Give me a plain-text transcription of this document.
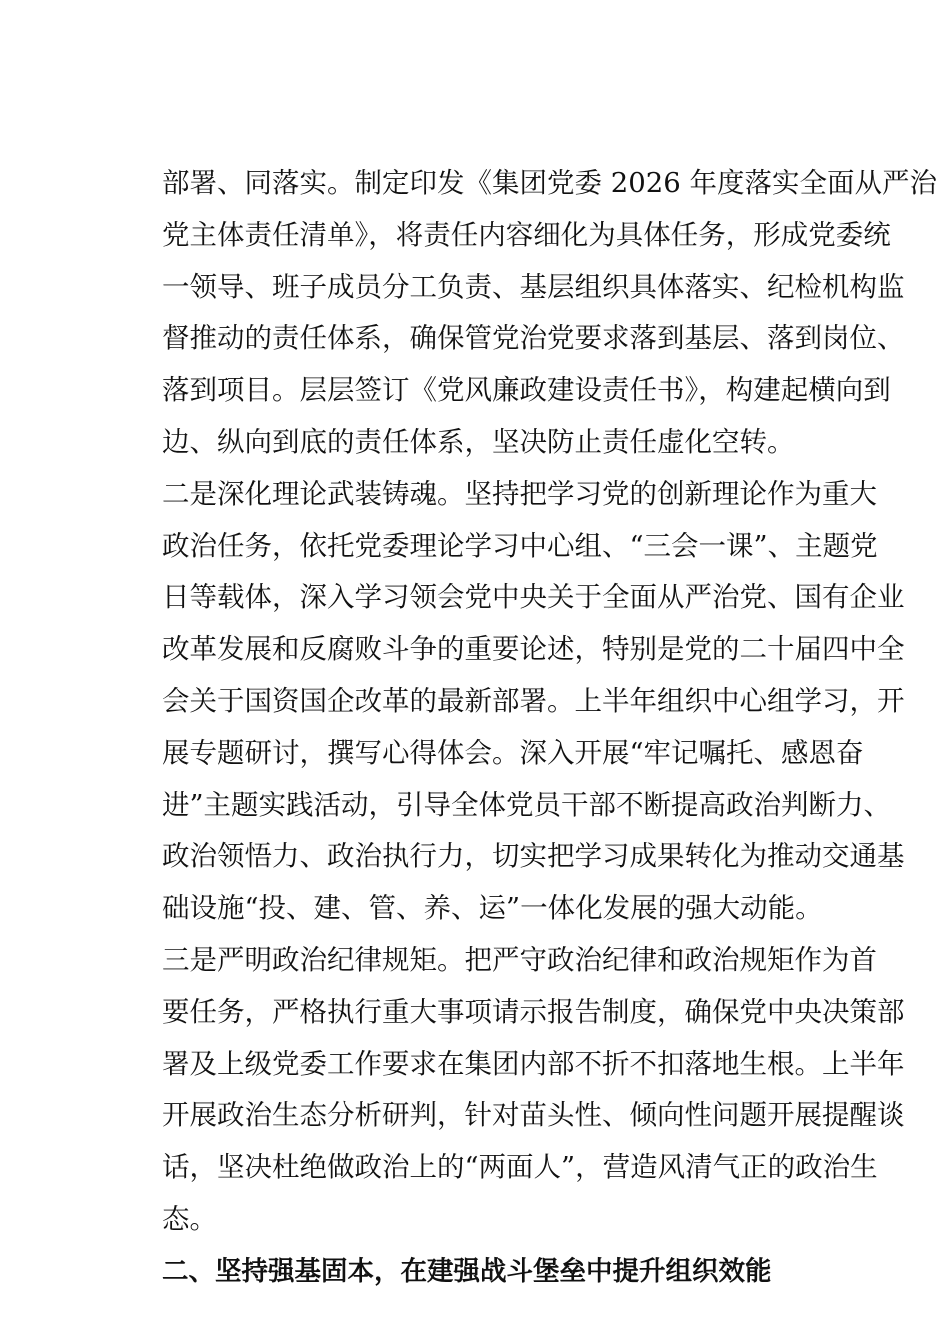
部署、同落实。制定印发《集团党委 2026 年度落实全面从严治
党主体责任清单》，将责任内容细化为具体任务，形成党委统
一领导、班子成员分工负责、基层组织具体落实、纪检机构监
督推动的责任体系，确保管党治党要求落到基层、落到岗位、
落到项目。层层签订《党风廉政建设责任书》，构建起横向到
边、纵向到底的责任体系，坚决防止责任虚化空转。
二是深化理论武装铸魂。坚持把学习党的创新理论作为重大
政治任务，依托党委理论学习中心组、“三会一课”、主题党
日等载体，深入学习领会党中央关于全面从严治党、国有企业
改革发展和反腐败斗争的重要论述，特别是党的二十届四中全
会关于国资国企改革的最新部署。上半年组织中心组学习，开
展专题研讨，撰写心得体会。深入开展“牢记嘱托、感恩奋
进”主题实践活动，引导全体党员干部不断提高政治判断力、
政治领悟力、政治执行力，切实把学习成果转化为推动交通基
础设施“投、建、管、养、运”一体化发展的强大动能。
三是严明政治纪律规矩。把严守政治纪律和政治规矩作为首
要任务，严格执行重大事项请示报告制度，确保党中央决策部
署及上级党委工作要求在集团内部不折不扣落地生根。上半年
开展政治生态分析研判，针对苗头性、倾向性问题开展提醒谈
话，坚决杜绝做政治上的“两面人”，营造风清气正的政治生
态。
二、坚持强基固本，在建强战斗堡垒中提升组织效能
